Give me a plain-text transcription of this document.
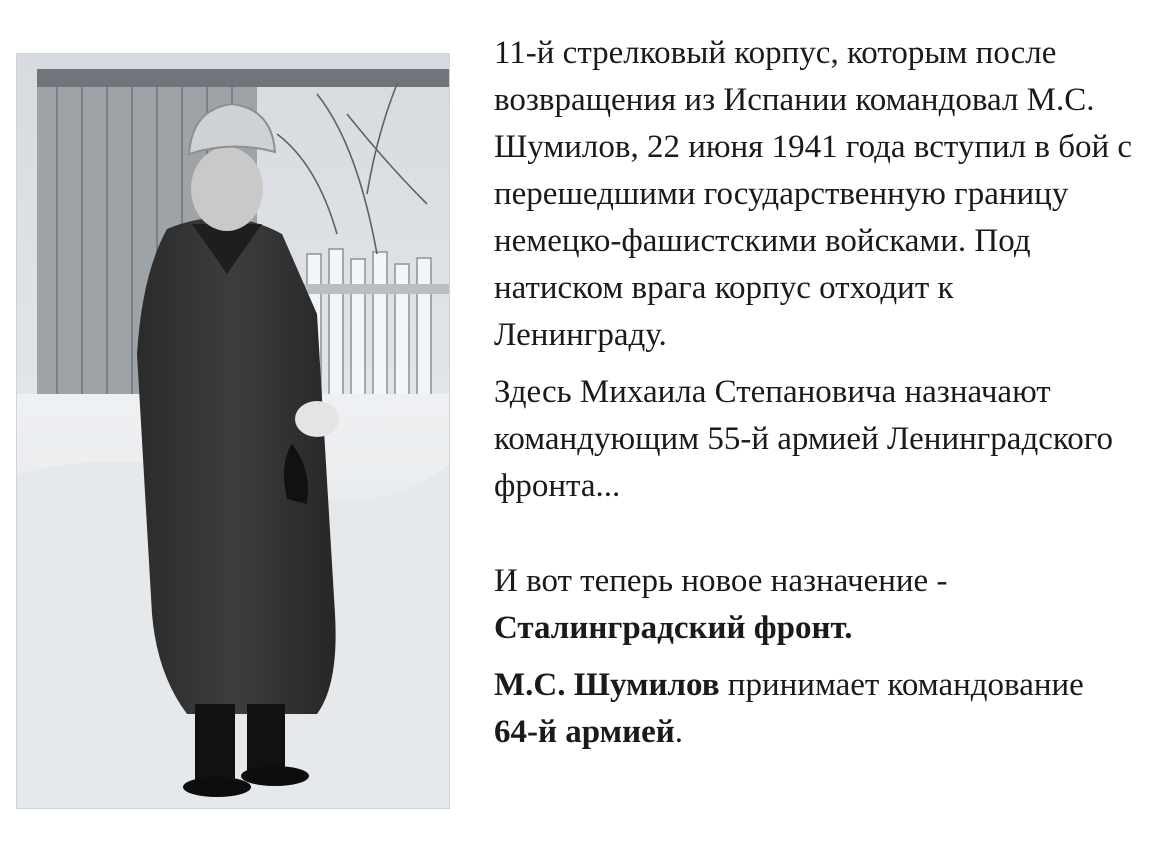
11-й стрелковый корпус, которым после возвращения из Испании командовал М.С. Шумилов, 22 июня 1941 года вступил в бой с перешедшими государственную границу немецко-фашистскими войсками. Под натиском врага корпус отходит к Ленинграду.

Здесь Михаила Степановича назначают командующим 55-й армией Ленинградского фронта...

И вот теперь новое назначение -
Сталинградский фронт.

М.С. Шумилов принимает командование 64-й армией.
